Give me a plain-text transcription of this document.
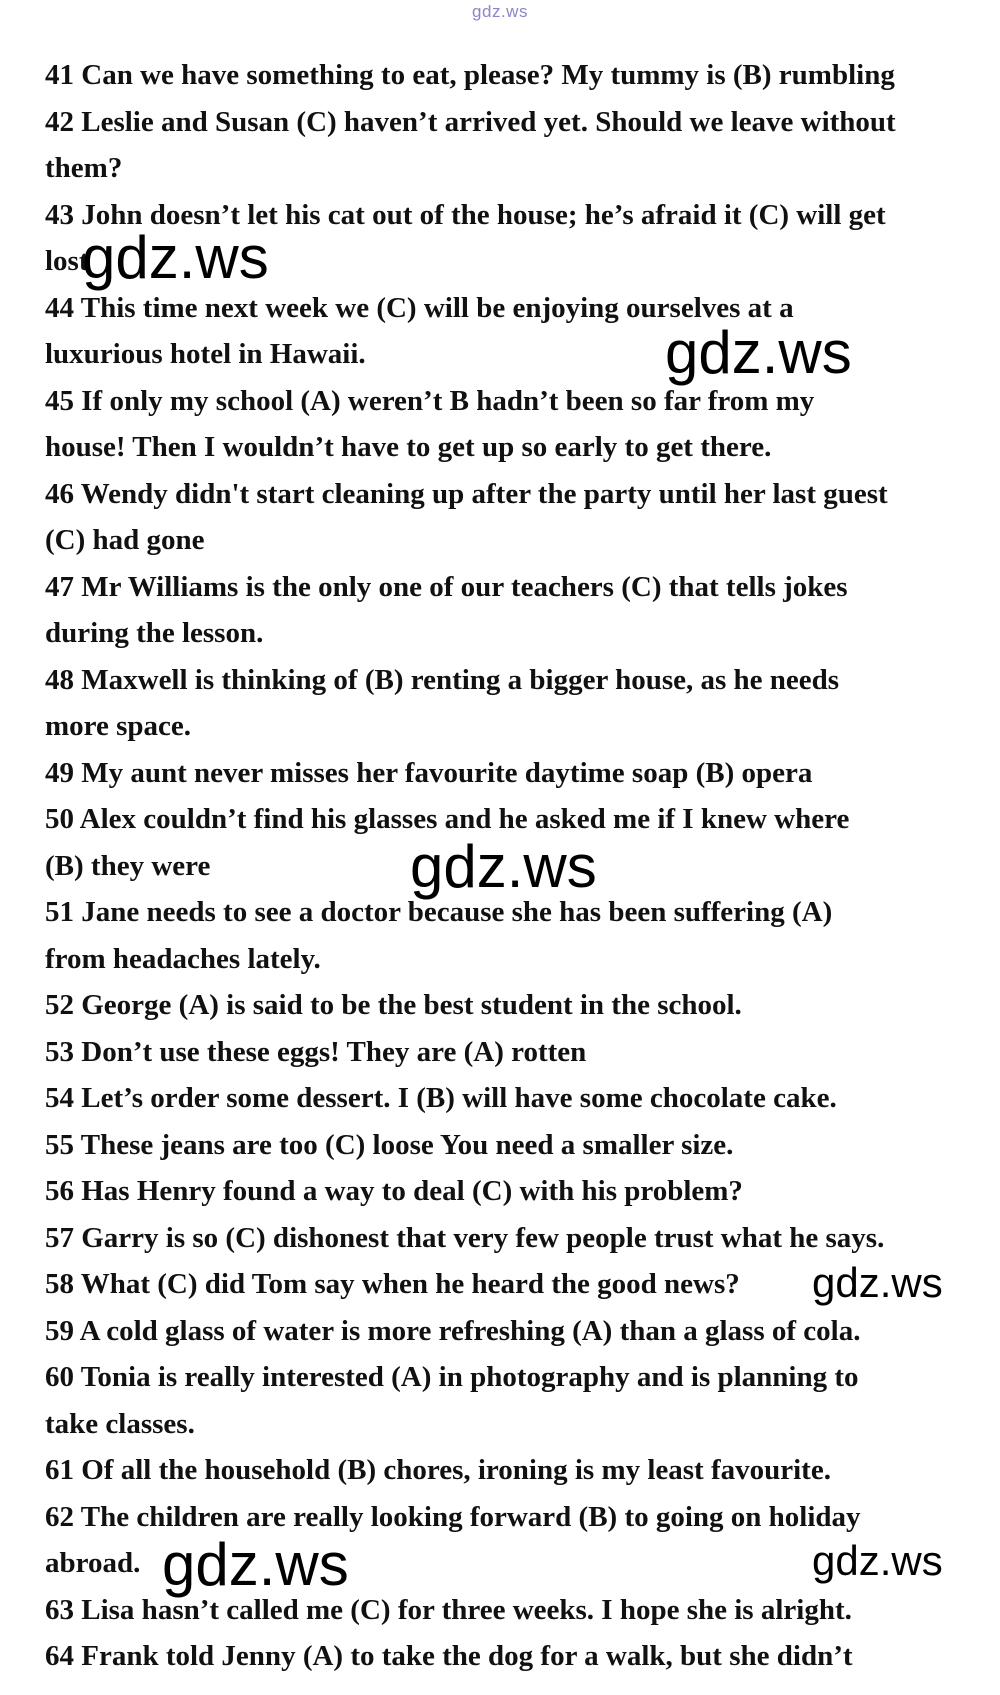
gdz.ws
41 Can we have something to eat, please? My tummy is (B) rumbling
42 Leslie and Susan (C) haven’t arrived yet. Should we leave without
them?
43 John doesn’t let his cat out of the house; he’s afraid it (C) will get
lost
44 This time next week we (C) will be enjoying ourselves at a
luxurious hotel in Hawaii.
45 If only my school (A) weren’t B hadn’t been so far from my
house! Then I wouldn’t have to get up so early to get there.
46 Wendy didn't start cleaning up after the party until her last guest
(C) had gone
47 Mr Williams is the only one of our teachers (C) that tells jokes
during the lesson.
48 Maxwell is thinking of (B) renting a bigger house, as he needs
more space.
49 My aunt never misses her favourite daytime soap (B) opera
50 Alex couldn’t find his glasses and he asked me if I knew where
(B) they were
51 Jane needs to see a doctor because she has been suffering (A)
from headaches lately.
52 George (A) is said to be the best student in the school.
53 Don’t use these eggs! They are (A) rotten
54 Let’s order some dessert. I (B) will have some chocolate cake.
55 These jeans are too (C) loose You need a smaller size.
56 Has Henry found a way to deal (C) with his problem?
57 Garry is so (C) dishonest that very few people trust what he says.
58 What (C) did Tom say when he heard the good news?
59 A cold glass of water is more refreshing (A) than a glass of cola.
60 Tonia is really interested (A) in photography and is planning to
take classes.
61 Of all the household (B) chores, ironing is my least favourite.
62 The children are really looking forward (B) to going on holiday
abroad.
63 Lisa hasn’t called me (C) for three weeks. I hope she is alright.
64 Frank told Jenny (A) to take the dog for a walk, but she didn’t
gdz.ws
gdz.ws
gdz.ws
gdz.ws
gdz.ws	gdz.ws
